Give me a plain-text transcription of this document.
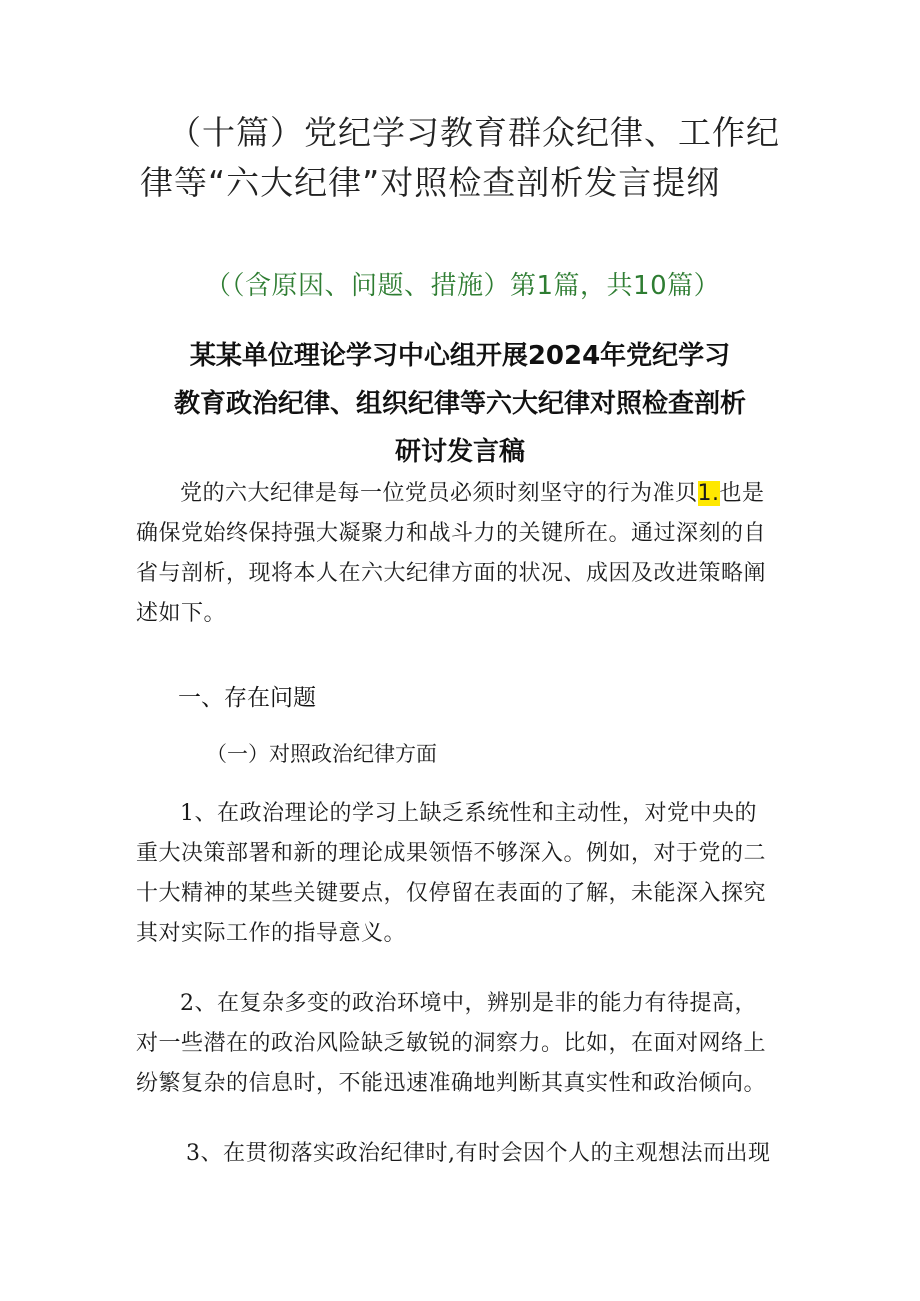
（十篇）党纪学习教育群众纪律、工作纪
律等“六大纪律”对照检查剖析发言提纲
（（含原因、问题、措施）第1篇，共10篇）
某某单位理论学习中心组开展2024年党纪学习
教育政治纪律、组织纪律等六大纪律对照检查剖析
研讨发言稿
党的六大纪律是每一位党员必须时刻坚守的行为准贝1.也是
确保党始终保持强大凝聚力和战斗力的关键所在。通过深刻的自
省与剖析，现将本人在六大纪律方面的状况、成因及改进策略阐
述如下。
一、存在问题
（一）对照政治纪律方面
1、在政治理论的学习上缺乏系统性和主动性，对党中央的
重大决策部署和新的理论成果领悟不够深入。例如，对于党的二
十大精神的某些关键要点，仅停留在表面的了解，未能深入探究
其对实际工作的指导意义。
2、在复杂多变的政治环境中，辨别是非的能力有待提高，
对一些潜在的政治风险缺乏敏锐的洞察力。比如，在面对网络上
纷繁复杂的信息时，不能迅速准确地判断其真实性和政治倾向。
3、在贯彻落实政治纪律时,有时会因个人的主观想法而出现
